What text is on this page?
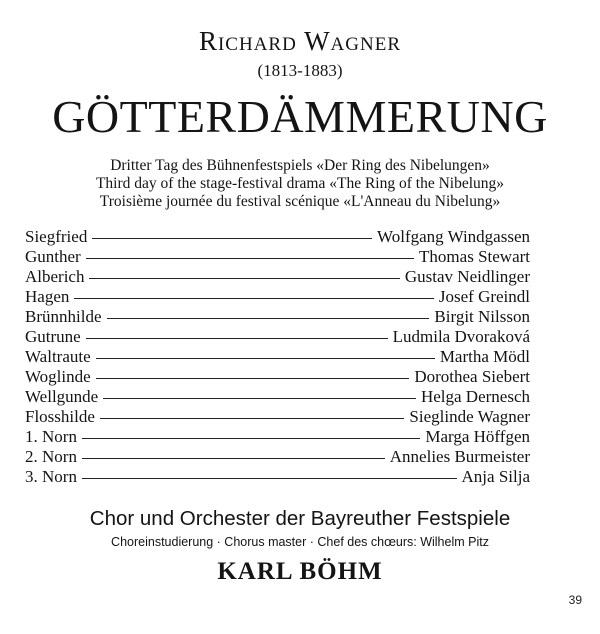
Richard Wagner
(1813-1883)
GÖTTERDÄMMERUNG
Dritter Tag des Bühnenfestspiels «Der Ring des Nibelungen»
Third day of the stage-festival drama «The Ring of the Nibelung»
Troisième journée du festival scénique «L'Anneau du Nibelung»
Siegfried	Wolfgang Windgassen
Gunther	Thomas Stewart
Alberich	Gustav Neidlinger
Hagen	Josef Greindl
Brünnhilde	Birgit Nilsson
Gutrune	Ludmila Dvoraková
Waltraute	Martha Mödl
Woglinde	Dorothea Siebert
Wellgunde	Helga Dernesch
Flosshilde	Sieglinde Wagner
1. Norn	Marga Höffgen
2. Norn	Annelies Burmeister
3. Norn	Anja Silja
Chor und Orchester der Bayreuther Festspiele
Choreinstudierung · Chorus master · Chef des chœurs: Wilhelm Pitz
KARL BÖHM
39
